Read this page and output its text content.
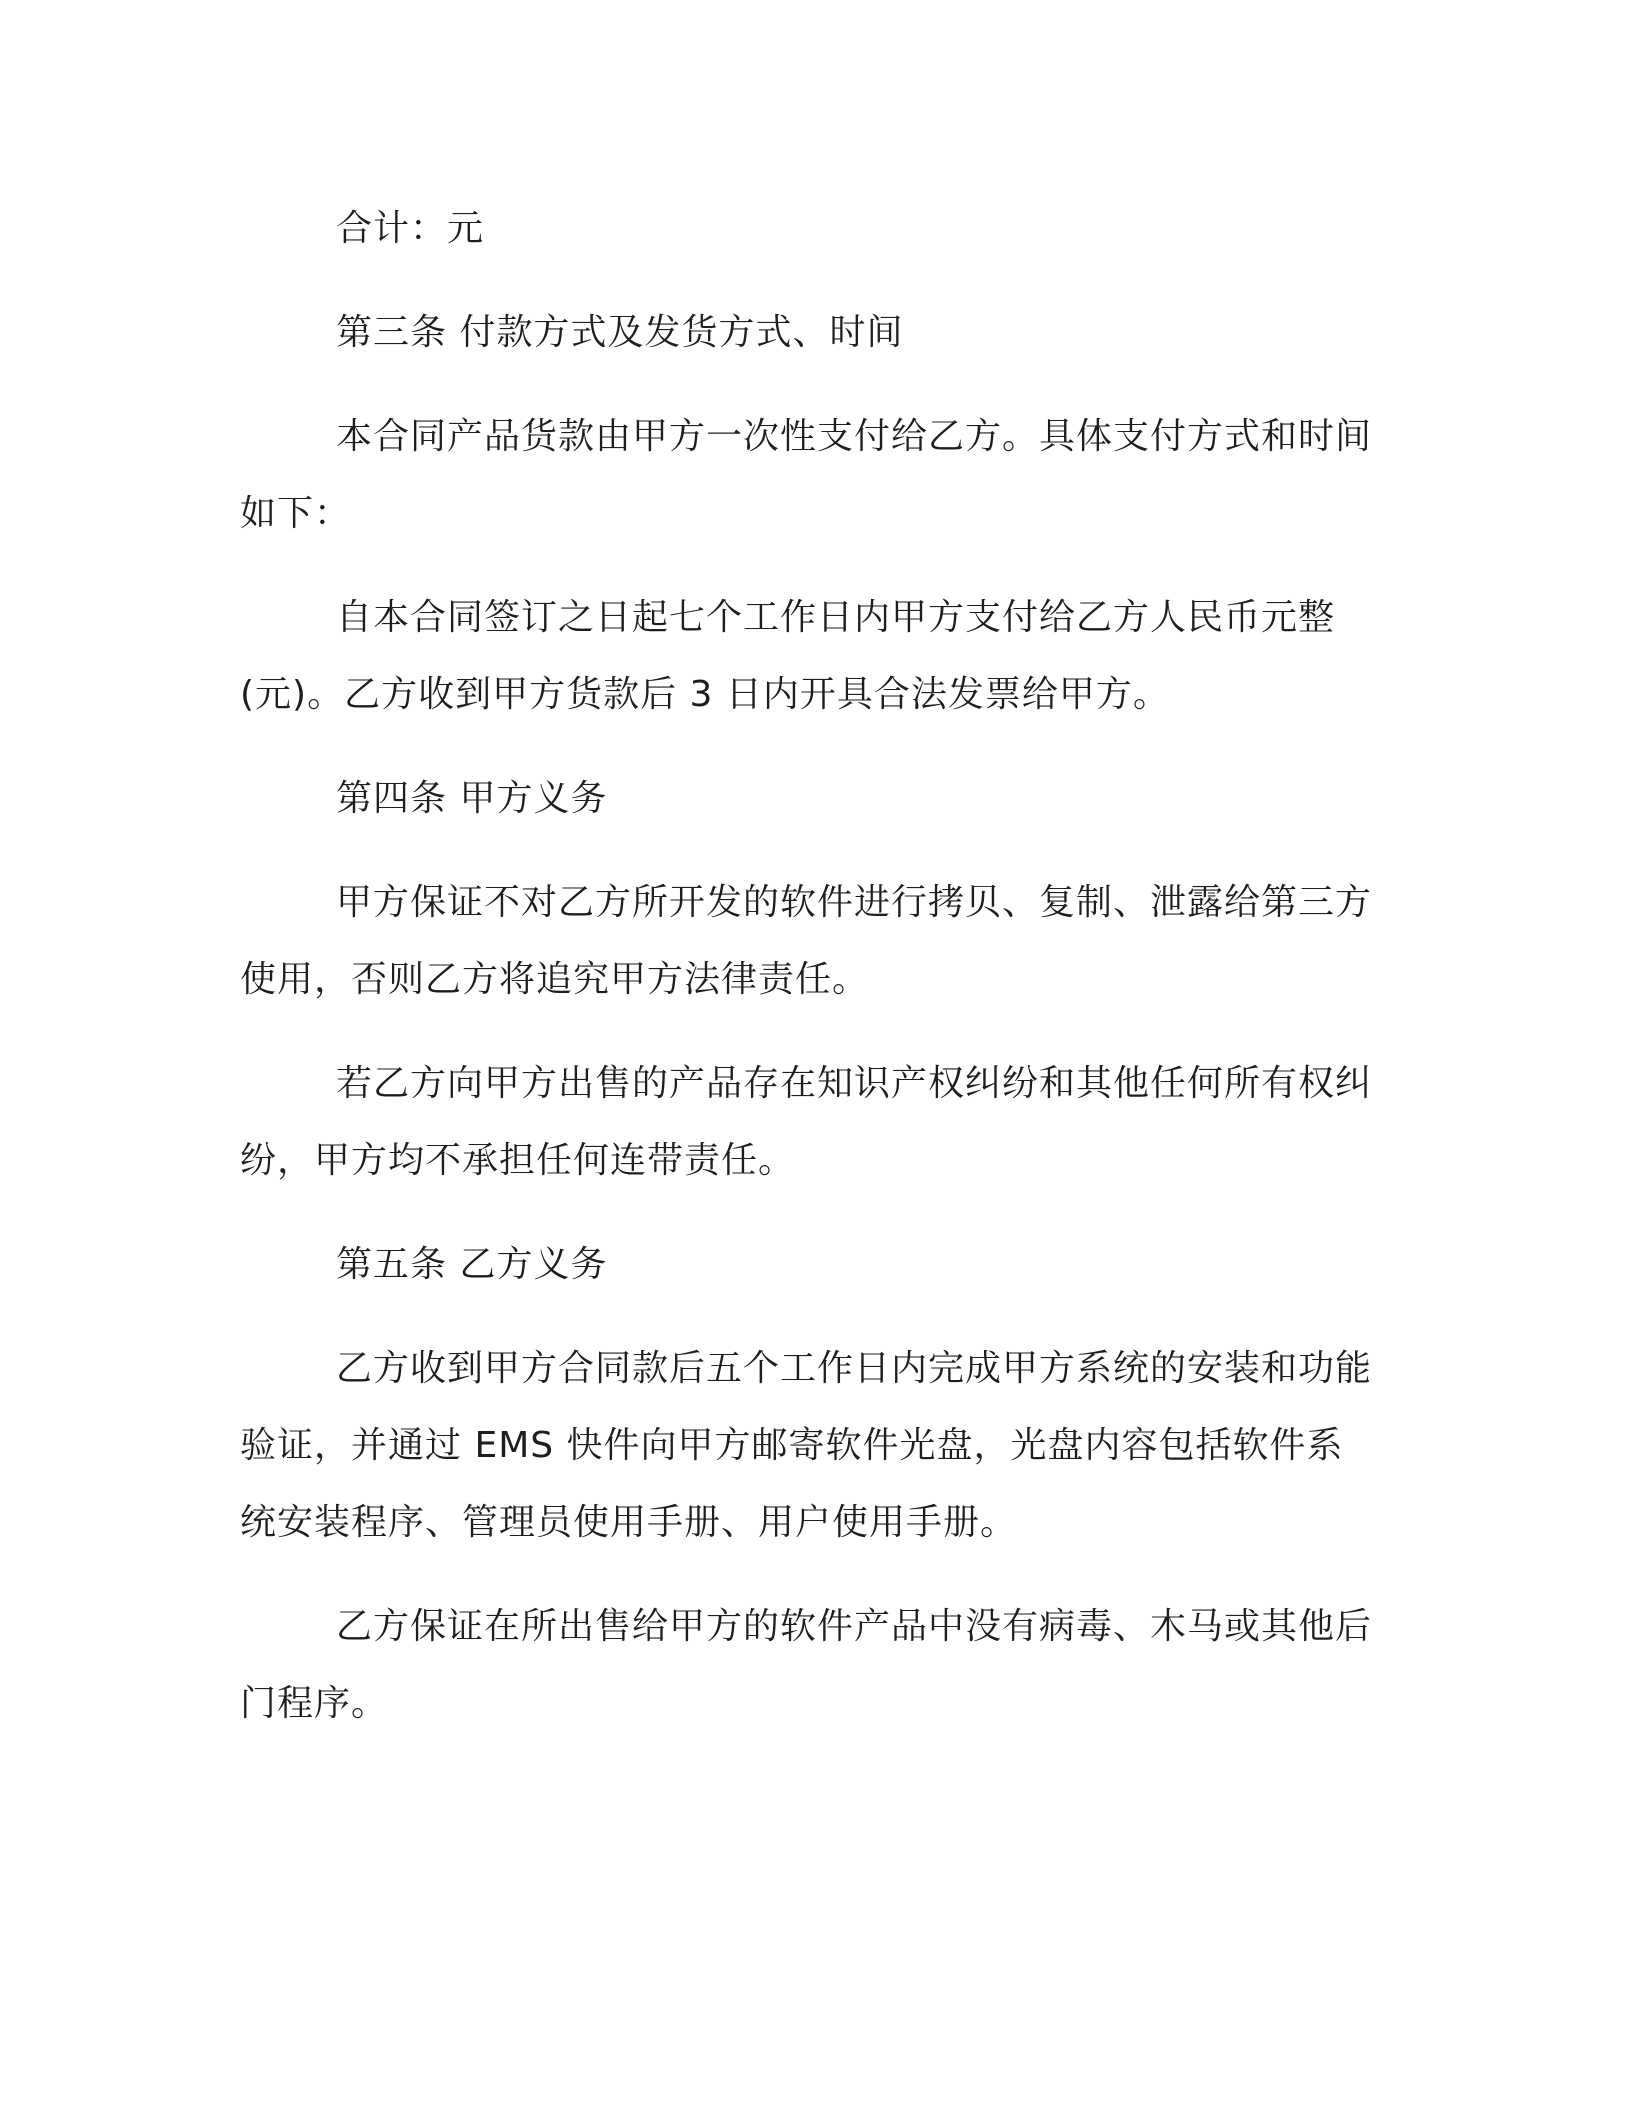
合计：元

第三条 付款方式及发货方式、时间

本合同产品货款由甲方一次性支付给乙方。具体支付方式和时间如下：

自本合同签订之日起七个工作日内甲方支付给乙方人民币元整(元)。乙方收到甲方货款后 3 日内开具合法发票给甲方。

第四条 甲方义务

甲方保证不对乙方所开发的软件进行拷贝、复制、泄露给第三方使用，否则乙方将追究甲方法律责任。

若乙方向甲方出售的产品存在知识产权纠纷和其他任何所有权纠纷，甲方均不承担任何连带责任。

第五条 乙方义务

乙方收到甲方合同款后五个工作日内完成甲方系统的安装和功能验证，并通过 EMS 快件向甲方邮寄软件光盘，光盘内容包括软件系统安装程序、管理员使用手册、用户使用手册。

乙方保证在所出售给甲方的软件产品中没有病毒、木马或其他后门程序。
